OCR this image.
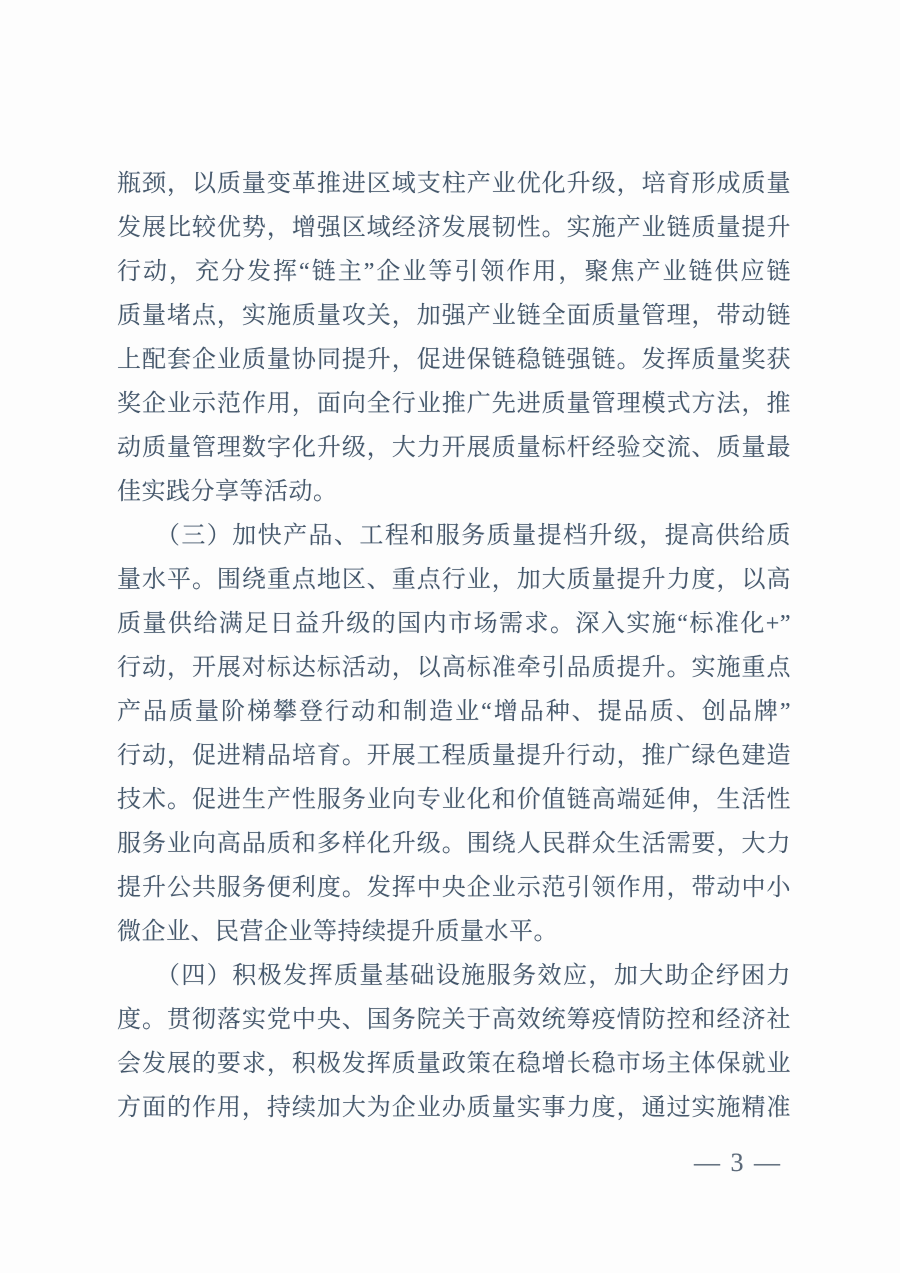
瓶颈，以质量变革推进区域支柱产业优化升级，培育形成质量
发展比较优势，增强区域经济发展韧性。实施产业链质量提升
行动，充分发挥“链主”企业等引领作用，聚焦产业链供应链
质量堵点，实施质量攻关，加强产业链全面质量管理，带动链
上配套企业质量协同提升，促进保链稳链强链。发挥质量奖获
奖企业示范作用，面向全行业推广先进质量管理模式方法，推
动质量管理数字化升级，大力开展质量标杆经验交流、质量最
佳实践分享等活动。
　　（三）加快产品、工程和服务质量提档升级，提高供给质
量水平。围绕重点地区、重点行业，加大质量提升力度，以高
质量供给满足日益升级的国内市场需求。深入实施“标准化+”
行动，开展对标达标活动，以高标准牵引品质提升。实施重点
产品质量阶梯攀登行动和制造业“增品种、提品质、创品牌”
行动，促进精品培育。开展工程质量提升行动，推广绿色建造
技术。促进生产性服务业向专业化和价值链高端延伸，生活性
服务业向高品质和多样化升级。围绕人民群众生活需要，大力
提升公共服务便利度。发挥中央企业示范引领作用，带动中小
微企业、民营企业等持续提升质量水平。
　　（四）积极发挥质量基础设施服务效应，加大助企纾困力
度。贯彻落实党中央、国务院关于高效统筹疫情防控和经济社
会发展的要求，积极发挥质量政策在稳增长稳市场主体保就业
方面的作用，持续加大为企业办质量实事力度，通过实施精准
— 3 —
